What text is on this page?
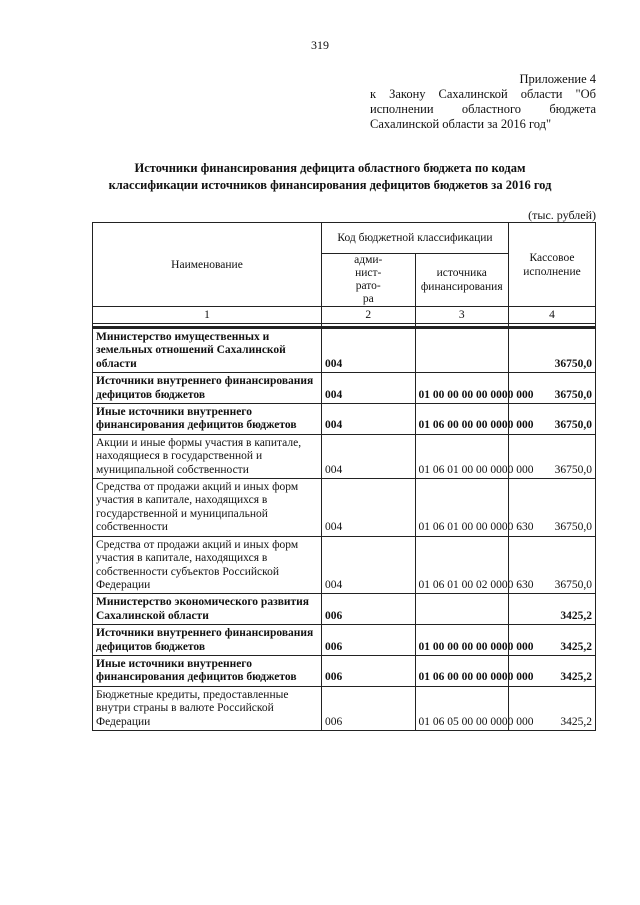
319
Приложение 4
к Закону Сахалинской области "Об
исполнении областного бюджета
Сахалинской области за 2016 год"
Источники финансирования дефицита областного бюджета по кодам
классификации источников финансирования дефицитов бюджетов за 2016 год
(тыс. рублей)
Наименование	Код бюджетной классификации		Кассовое исполнение

	адми-
нист-
рато-
ра	источника финансирования	
1	2	3	4

Министерство имущественных и земельных отношений Сахалинской области	004		36750,0
Источники внутреннего финансирования дефицитов бюджетов	004	01 00 00 00 00 0000 000	36750,0
Иные источники внутреннего финансирования дефицитов бюджетов	004	01 06 00 00 00 0000 000	36750,0
Акции и иные формы участия в капитале, находящиеся в государственной и муниципальной собственности	004	01 06 01 00 00 0000 000	36750,0
Средства от продажи акций и иных форм участия в капитале, находящихся в государственной и муниципальной собственности	004	01 06 01 00 00 0000 630	36750,0
Средства от продажи акций и иных форм участия в капитале, находящихся в собственности субъектов Российской Федерации	004	01 06 01 00 02 0000 630	36750,0
Министерство экономического развития Сахалинской области	006		3425,2
Источники внутреннего финансирования дефицитов бюджетов	006	01 00 00 00 00 0000 000	3425,2
Иные источники внутреннего финансирования дефицитов бюджетов	006	01 06 00 00 00 0000 000	3425,2
Бюджетные кредиты, предоставленные внутри страны в валюте Российской Федерации	006	01 06 05 00 00 0000 000	3425,2
